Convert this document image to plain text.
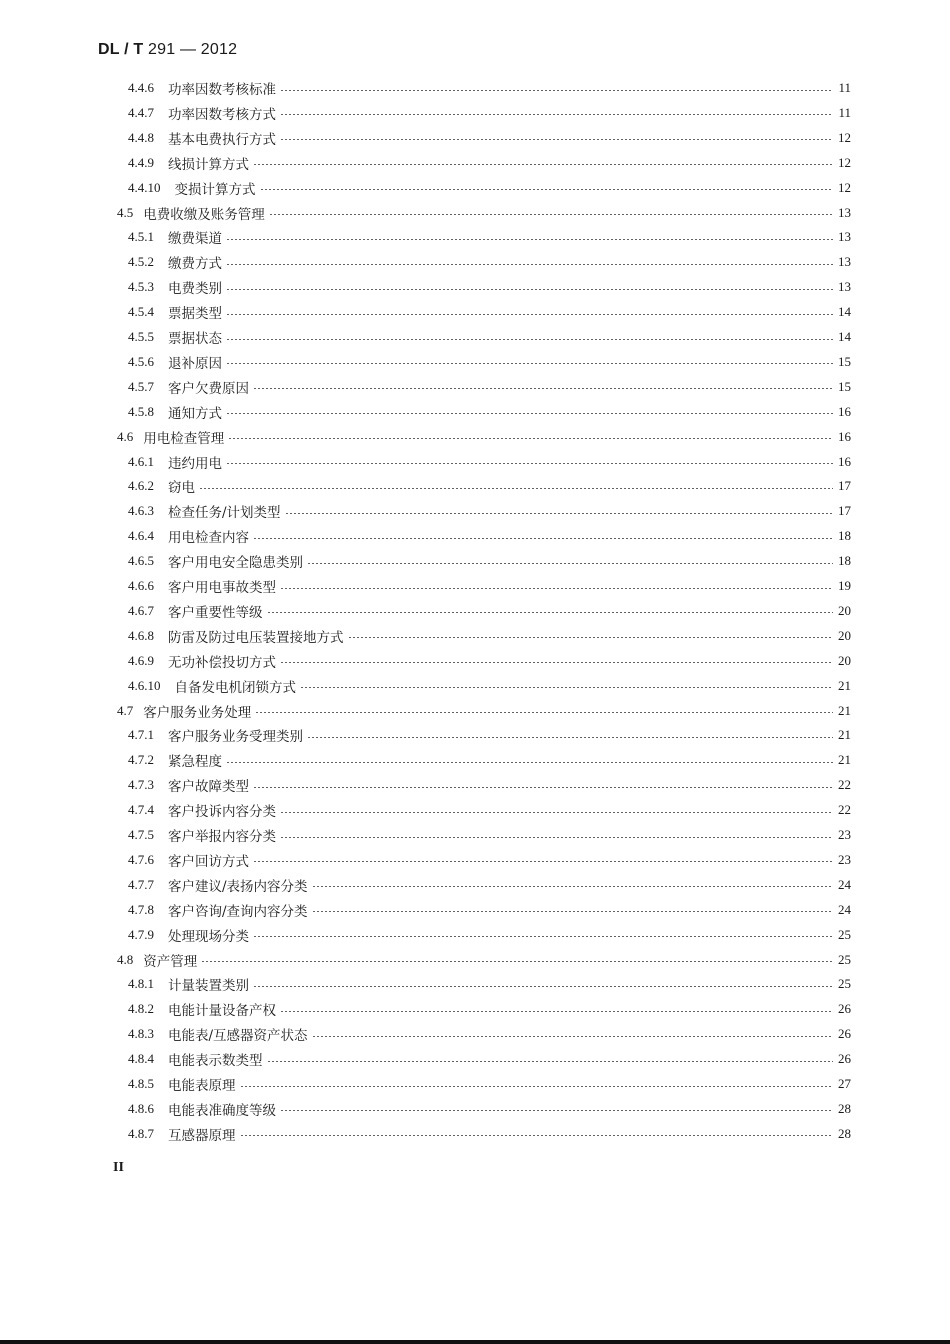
DL / T 291 — 2012
4.4.6 功率因数考核标准	11
4.4.7 功率因数考核方式	11
4.4.8 基本电费执行方式	12
4.4.9 线损计算方式	12
4.4.10 变损计算方式	12
4.5 电费收缴及账务管理	13
4.5.1 缴费渠道	13
4.5.2 缴费方式	13
4.5.3 电费类别	13
4.5.4 票据类型	14
4.5.5 票据状态	14
4.5.6 退补原因	15
4.5.7 客户欠费原因	15
4.5.8 通知方式	16
4.6 用电检查管理	16
4.6.1 违约用电	16
4.6.2 窃电	17
4.6.3 检查任务/计划类型	17
4.6.4 用电检查内容	18
4.6.5 客户用电安全隐患类别	18
4.6.6 客户用电事故类型	19
4.6.7 客户重要性等级	20
4.6.8 防雷及防过电压装置接地方式	20
4.6.9 无功补偿投切方式	20
4.6.10 自备发电机闭锁方式	21
4.7 客户服务业务处理	21
4.7.1 客户服务业务受理类别	21
4.7.2 紧急程度	21
4.7.3 客户故障类型	22
4.7.4 客户投诉内容分类	22
4.7.5 客户举报内容分类	23
4.7.6 客户回访方式	23
4.7.7 客户建议/表扬内容分类	24
4.7.8 客户咨询/查询内容分类	24
4.7.9 处理现场分类	25
4.8 资产管理	25
4.8.1 计量装置类别	25
4.8.2 电能计量设备产权	26
4.8.3 电能表/互感器资产状态	26
4.8.4 电能表示数类型	26
4.8.5 电能表原理	27
4.8.6 电能表准确度等级	28
4.8.7 互感器原理	28
II
